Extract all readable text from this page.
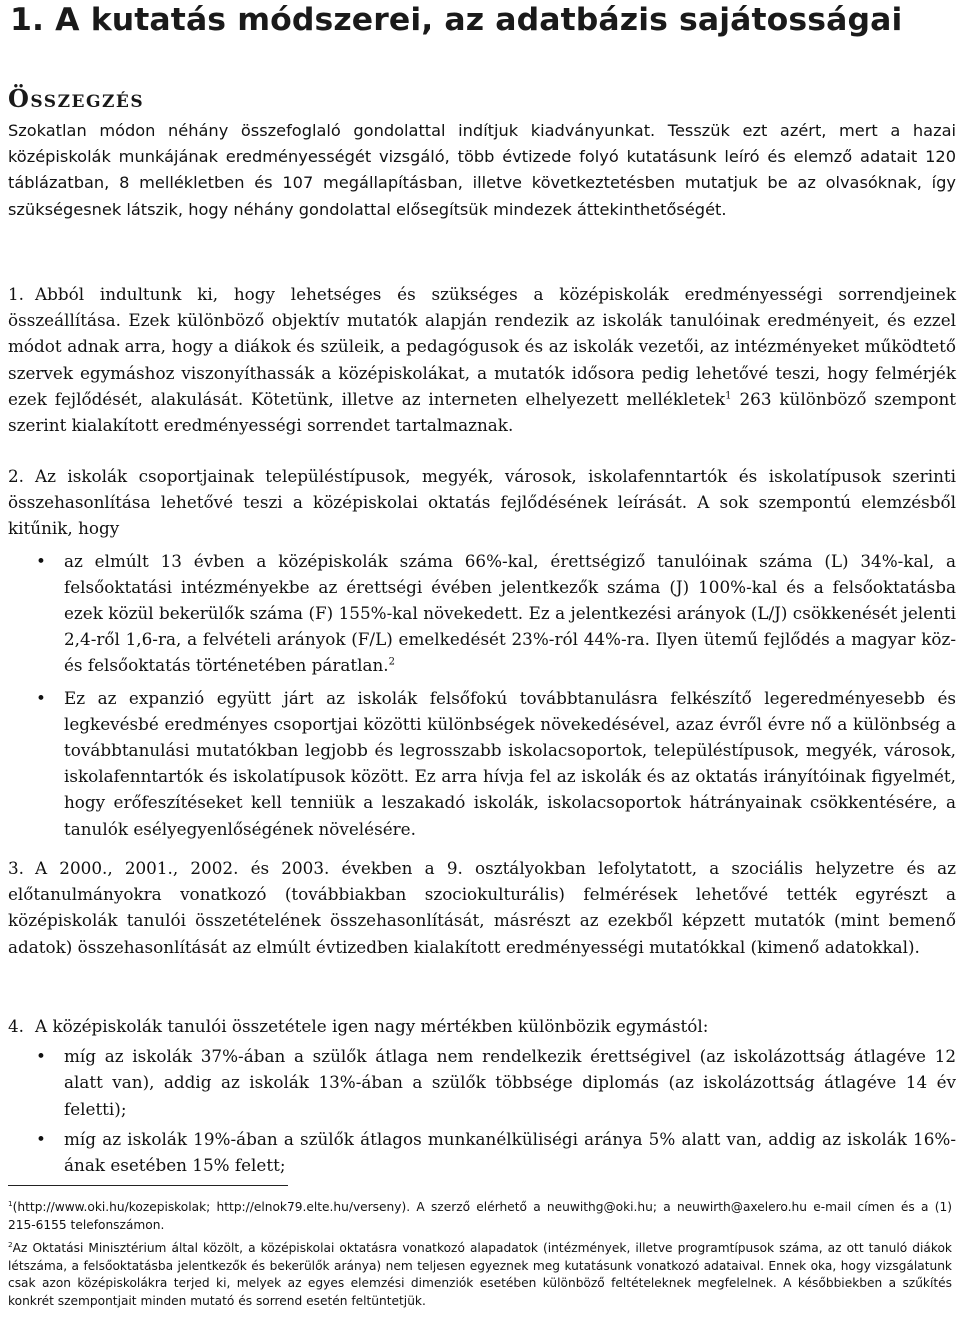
1. A kutatás módszerei, az adatbázis sajátosságai
Összegzés

Szokatlan módon néhány összefoglaló gondolattal indítjuk kiadványunkat. Tesszük ezt azért, mert a hazai középiskolák munkájának eredményességét vizsgáló, több évtizede folyó kutatásunk leíró és elemző adatait 120 táblázatban, 8 mellékletben és 107 megállapításban, illetve következtetésben mutatjuk be az olvasóknak, így szükségesnek látszik, hogy néhány gondolattal elősegítsük mindezek áttekinthetőségét.

1. Abból indultunk ki, hogy lehetséges és szükséges a középiskolák eredményességi sorrendjeinek összeállítása. Ezek különböző objektív mutatók alapján rendezik az iskolák tanulóinak eredményeit, és ezzel módot adnak arra, hogy a diákok és szüleik, a pedagógusok és az iskolák vezetői, az intézményeket működtető szervek egymáshoz viszonyíthassák a középiskolákat, a mutatók idősora pedig lehetővé teszi, hogy felmérjék ezek fejlődését, alakulását. Kötetünk, illetve az interneten elhelyezett mellékletek$^1$ 263 különböző szempont szerint kialakított eredményességi sorrendet tartalmaznak.
2. Az iskolák csoportjainak településtípusok, megyék, városok, iskolafenntartók és iskolatípusok szerinti összehasonlítása lehetővé teszi a középiskolai oktatás fejlődésének leírását. A sok szempontú elemzésből kitűnik, hogy
• az elmúlt 13 évben a középiskolák száma 66%-kal, érettségiző tanulóinak száma (L) 34%-kal, a felsőoktatási intézményekbe az érettségi évében jelentkezők száma (J) 100%-kal és a felsőoktatásba ezek közül bekerülők száma (F) 155%-kal növekedett. Ez a jelentkezési arányok (L/J) csökkenését jelenti 2,4-ről 1,6-ra, a felvételi arányok (F/L) emelkedését 23%-ról 44%-ra. Ilyen ütemű fejlődés a magyar köz- és felsőoktatás történetében páratlan.$^2$
• Ez az expanzió együtt járt az iskolák felsőfokú továbbtanulásra felkészítő legeredményesebb és legkevésbé eredményes csoportjai közötti különbségek növekedésével, azaz évről évre nő a különbség a továbbtanulási mutatókban legjobb és legrosszabb iskolacsoportok, településtípusok, megyék, városok, iskolafenntartók és iskolatípusok között. Ez arra hívja fel az iskolák és az oktatás irányítóinak figyelmét, hogy erőfeszítéseket kell tenniük a leszakadó iskolák, iskolacsoportok hátrányainak csökkentésére, a tanulók esélyegyenlőségének növelésére.
3. A 2000., 2001., 2002. és 2003. években a 9. osztályokban lefolytatott, a szociális helyzetre és az előtanulmányokra vonatkozó (továbbiakban szociokulturális) felmérések lehetővé tették egyrészt a középiskolák tanulói összetételének összehasonlítását, másrészt az ezekből képzett mutatók (mint bemenő adatok) összehasonlítását az elmúlt évtizedben kialakított eredményességi mutatókkal (kimenő adatokkal).
4. A középiskolák tanulói összetétele igen nagy mértékben különbözik egymástól:
• míg az iskolák 37%-ában a szülők átlaga nem rendelkezik érettségivel (az iskolázottság átlagéve 12 alatt van), addig az iskolák 13%-ában a szülők többsége diplomás (az iskolázottság átlagéve 14 év feletti);
• míg az iskolák 19%-ában a szülők átlagos munkanélküliségi aránya 5% alatt van, addig az iskolák 16%-ának esetében 15% felett;
$^1$(http://www.oki.hu/kozepiskolak; http://elnok79.elte.hu/verseny). A szerző elérhető a neuwithg@oki.hu; a neuwirth@axelero.hu e-mail címen és a (1) 215-6155 telefonszámon.
$^2$Az Oktatási Minisztérium által közölt, a középiskolai oktatásra vonatkozó alapadatok (intézmények, illetve programtípusok száma, az ott tanuló diákok létszáma, a felsőoktatásba jelentkezők és bekerülők aránya) nem teljesen egyeznek meg kutatásunk vonatkozó adataival. Ennek oka, hogy vizsgálatunk csak azon középiskolákra terjed ki, melyek az egyes elemzési dimenziók esetében különböző feltételeknek megfelelnek. A későbbiekben a szűkítés konkrét szempontjait minden mutató és sorrend esetén feltüntetjük.
